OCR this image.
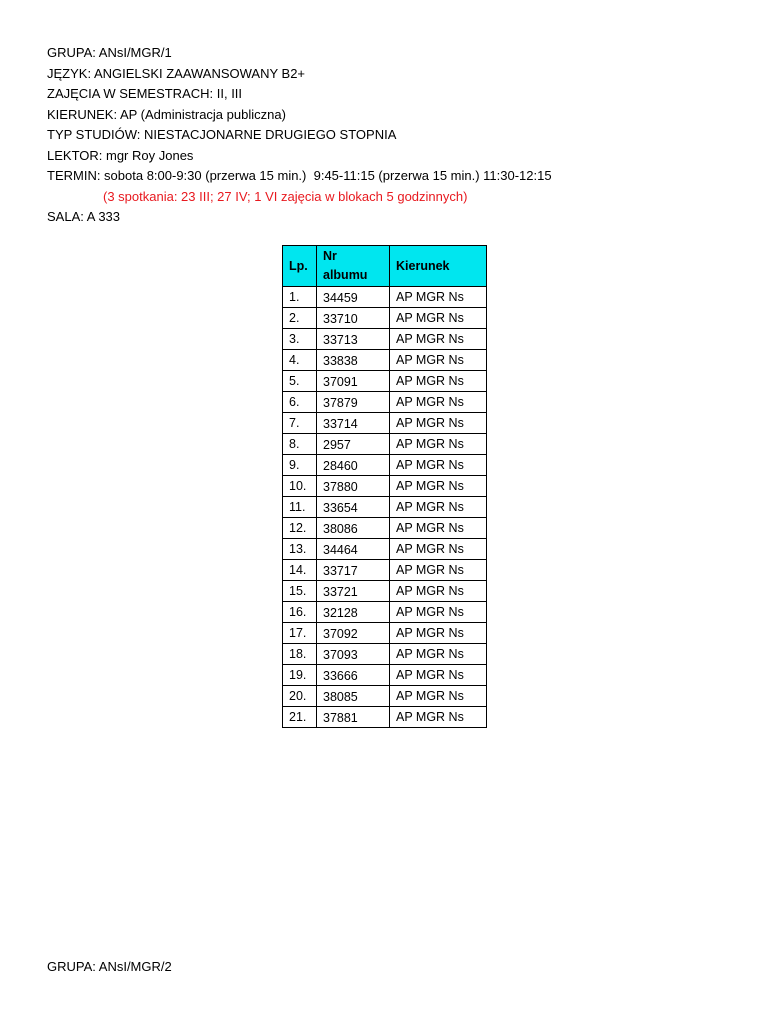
GRUPA: ANsI/MGR/1
JĘZYK: ANGIELSKI ZAAWANSOWANY B2+
ZAJĘCIA W SEMESTRACH: II, III
KIERUNEK: AP (Administracja publiczna)
TYP STUDIÓW: NIESTACJONARNE DRUGIEGO STOPNIA
LEKTOR: mgr Roy Jones
TERMIN: sobota 8:00-9:30 (przerwa 15 min.)  9:45-11:15 (przerwa 15 min.) 11:30-12:15
(3 spotkania: 23 III; 27 IV; 1 VI zajęcia w blokach 5 godzinnych)
SALA: A 333
Lp.	Nr albumu	Kierunek
1.	34459	AP MGR Ns
2.	33710	AP MGR Ns
3.	33713	AP MGR Ns
4.	33838	AP MGR Ns
5.	37091	AP MGR Ns
6.	37879	AP MGR Ns
7.	33714	AP MGR Ns
8.	2957	AP MGR Ns
9.	28460	AP MGR Ns
10.	37880	AP MGR Ns
11.	33654	AP MGR Ns
12.	38086	AP MGR Ns
13.	34464	AP MGR Ns
14.	33717	AP MGR Ns
15.	33721	AP MGR Ns
16.	32128	AP MGR Ns
17.	37092	AP MGR Ns
18.	37093	AP MGR Ns
19.	33666	AP MGR Ns
20.	38085	AP MGR Ns
21.	37881	AP MGR Ns
GRUPA: ANsI/MGR/2
